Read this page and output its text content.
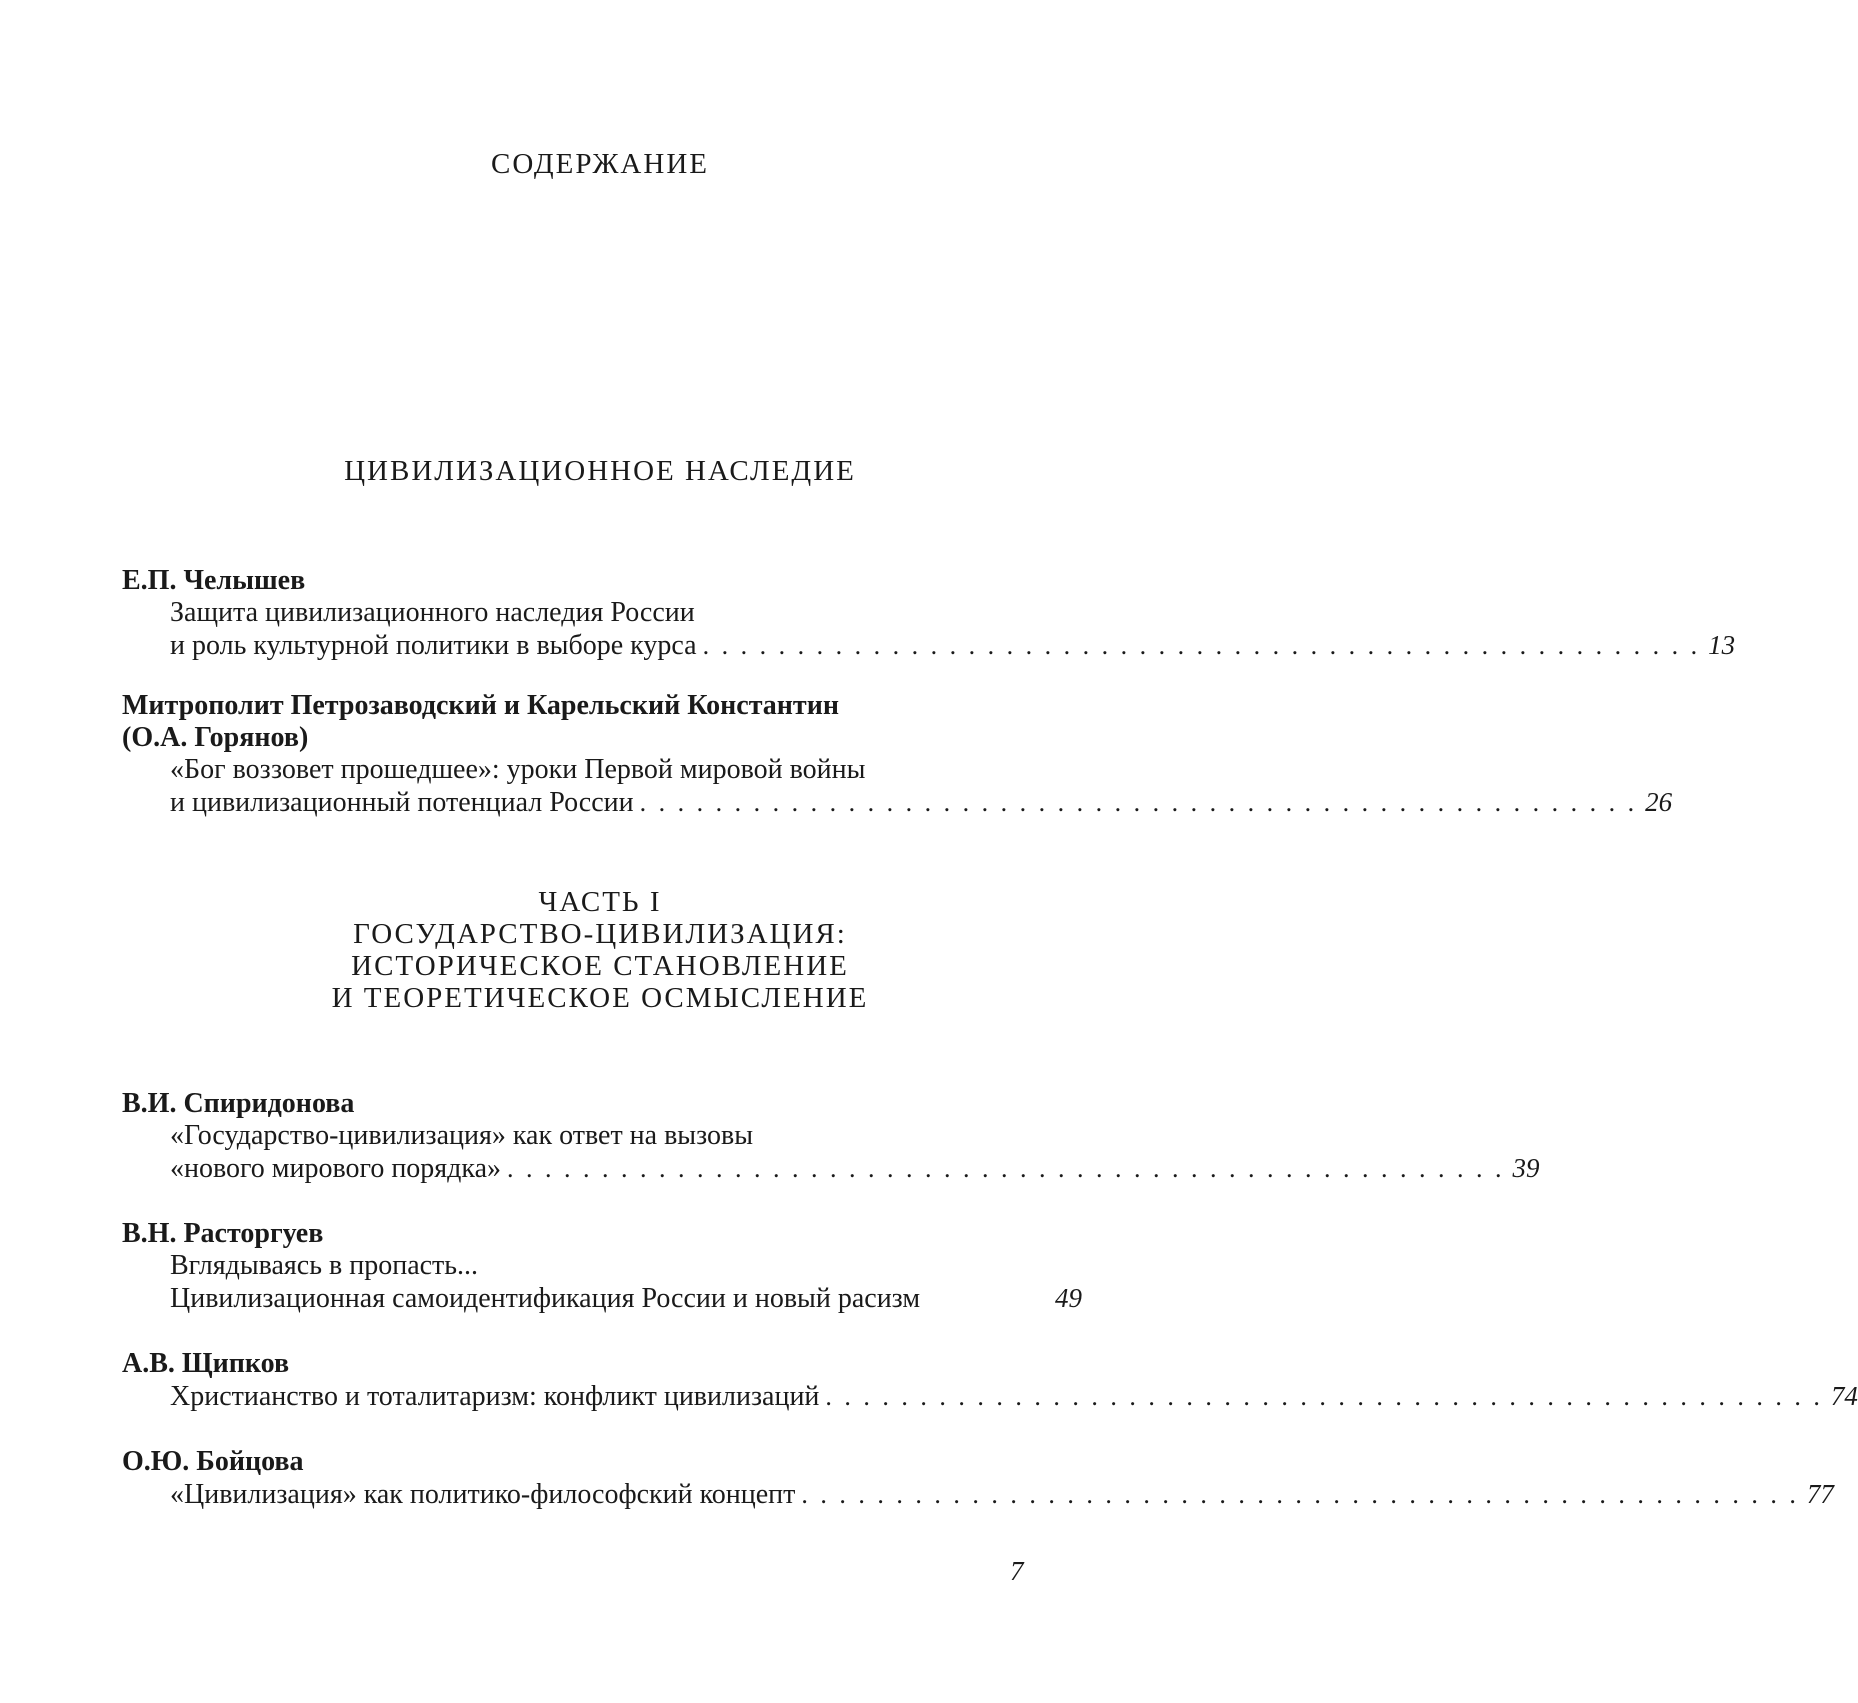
СОДЕРЖАНИЕ
ЦИВИЛИЗАЦИОННОЕ НАСЛЕДИЕ
Е.П. Челышев
Защита цивилизационного наследия России
и роль культурной политики в выборе курса . . . . . . . . . . . . . . . . . . . . . . . . . . . . . . . . . . . . . . . . . . . . . . . . . . . . . 13
Митрополит Петрозаводский и Карельский Константин
(О.А. Горянов)
«Бог воззовет прошедшее»: уроки Первой мировой войны
и цивилизационный потенциал России . . . . . . . . . . . . . . . . . . . . . . . . . . . . . . . . . . . . . . . . . . . . . . . . . . . . . 26
ЧАСТЬ I
ГОСУДАРСТВО-ЦИВИЛИЗАЦИЯ:
ИСТОРИЧЕСКОЕ СТАНОВЛЕНИЕ
И ТЕОРЕТИЧЕСКОЕ ОСМЫСЛЕНИЕ
В.И. Спиридонова
«Государство-цивилизация» как ответ на вызовы
«нового мирового порядка» . . . . . . . . . . . . . . . . . . . . . . . . . . . . . . . . . . . . . . . . . . . . . . . . . . . . . 39
В.Н. Расторгуев
Вглядываясь в пропасть...
Цивилизационная самоидентификация России и новый расизм	49
А.В. Щипков
Христианство и тоталитаризм: конфликт цивилизаций . . . . . . . . . . . . . . . . . . . . . . . . . . . . . . . . . . . . . . . . . . . . . . . . . . . . . 74
О.Ю. Бойцова
«Цивилизация» как политико-философский концепт . . . . . . . . . . . . . . . . . . . . . . . . . . . . . . . . . . . . . . . . . . . . . . . . . . . . . 77
7
